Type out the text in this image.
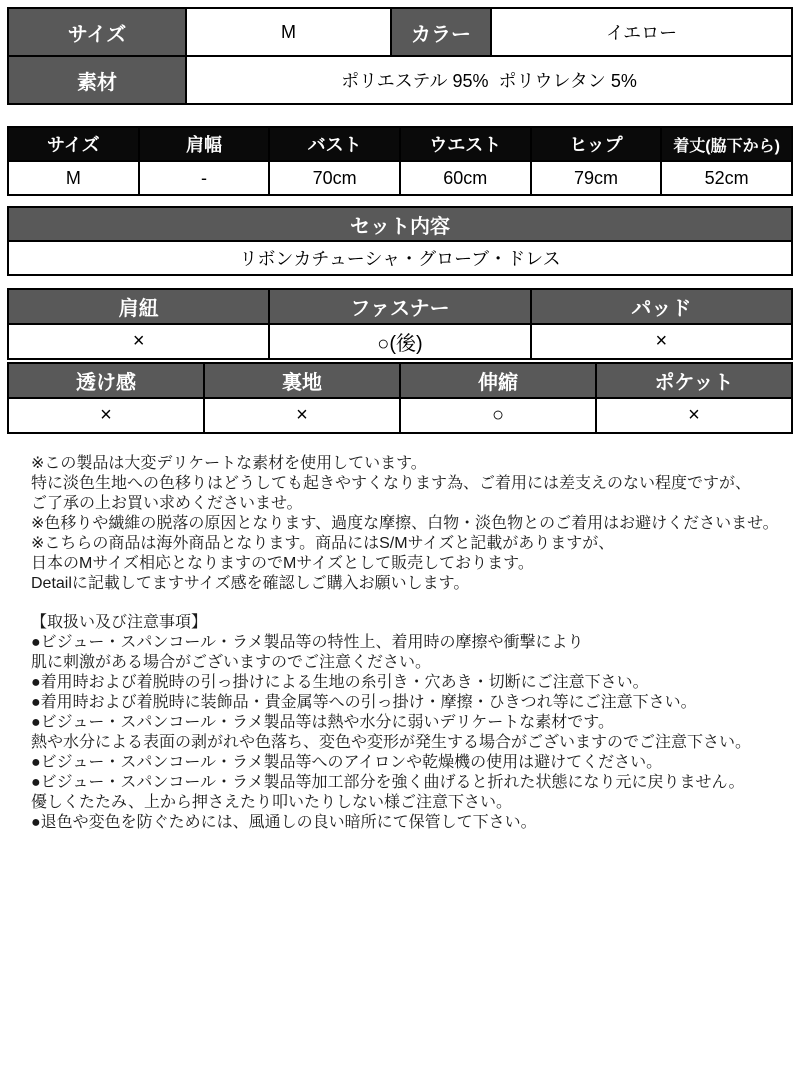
サイズ	M	カラー	イエロー
素材	ポリエステル 95%  ポリウレタン 5%		
サイズ	肩幅	バスト	ウエスト	ヒップ	着丈(脇下から)
M	-	70cm	60cm	79cm	52cm
セット内容
リボンカチューシャ・グローブ・ドレス
肩紐	ファスナー	パッド
×	○(後)	×
透け感	裏地	伸縮	ポケット
×	×	○	×
※この製品は大変デリケートな素材を使用しています。
特に淡色生地への色移りはどうしても起きやすくなります為、ご着用には差支えのない程度ですが、
ご了承の上お買い求めくださいませ。
※色移りや繊維の脱落の原因となります、過度な摩擦、白物・淡色物とのご着用はお避けくださいませ。
※こちらの商品は海外商品となります。商品にはS/Mサイズと記載がありますが、
日本のMサイズ相応となりますのでMサイズとして販売しております。
Detailに記載してますサイズ感を確認しご購入お願いします。
【取扱い及び注意事項】
●ビジュー・スパンコール・ラメ製品等の特性上、着用時の摩擦や衝撃により
肌に刺激がある場合がございますのでご注意ください。
●着用時および着脱時の引っ掛けによる生地の糸引き・穴あき・切断にご注意下さい。
●着用時および着脱時に装飾品・貴金属等への引っ掛け・摩擦・ひきつれ等にご注意下さい。
●ビジュー・スパンコール・ラメ製品等は熱や水分に弱いデリケートな素材です。
熱や水分による表面の剥がれや色落ち、変色や変形が発生する場合がございますのでご注意下さい。
●ビジュー・スパンコール・ラメ製品等へのアイロンや乾燥機の使用は避けてください。
●ビジュー・スパンコール・ラメ製品等加工部分を強く曲げると折れた状態になり元に戻りません。
優しくたたみ、上から押さえたり叩いたりしない様ご注意下さい。
●退色や変色を防ぐためには、風通しの良い暗所にて保管して下さい。
